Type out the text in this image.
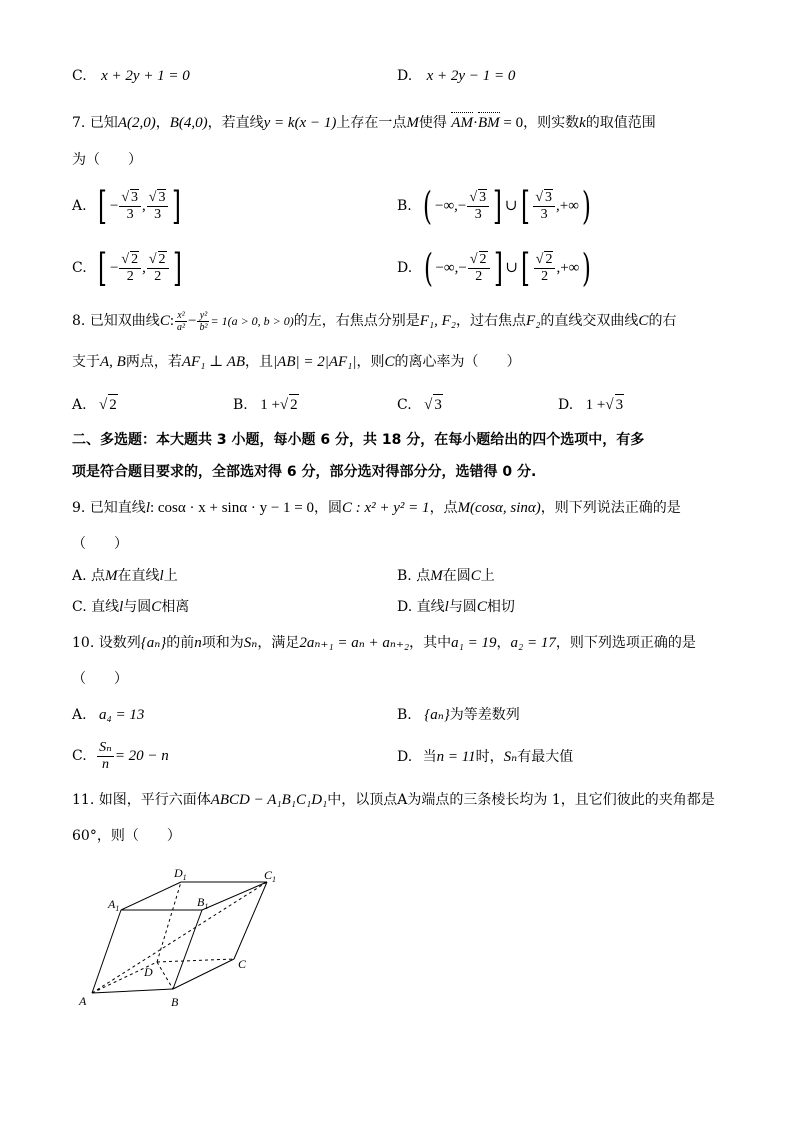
C. x + 2y + 1 = 0	D. x + 2y − 1 = 0
7. 已知A(2,0)，B(4,0)，若直线y = k(x − 1)上存在一点M使得 AM·BM = 0，则实数k的取值范围
为（　　）
A. [ − $\frac{√ 3}{3}$ , $\frac{√ 3}{3}$ ]	B. ( −∞,− $\frac{√ 3}{3}$ ] ∪[ $\frac{√ 3}{3}$ ,+∞)
C. [ − $\frac{√ 2}{2}$ , $\frac{√ 2}{2}$ ]	D. ( −∞,− $\frac{√ 2}{2}$ ] ∪[ $\frac{√ 2}{2}$ ,+∞)
8. 已知双曲线C: $\frac{\text{x²}}{\text{a²}} - \frac{\text{y²}}{\text{b²}} = 1(a > 0$, b > 0)的左，右焦点分别是F₁, F₂，过右焦点F₂的直线交双曲线C的右
支于A, B两点，若AF₁ ⊥ AB，且|AB| = 2|AF₁|，则C的离心率为（　　）
A. √ 2	B. 1 +√ 2	C. √ 3	D. 1 +√ 3
二、多选题：本大题共 3 小题，每小题 6 分，共 18 分，在每小题给出的四个选项中，有多
项是符合题目要求的，全部选对得 6 分，部分选对得部分分，选错得 0 分.
9. 已知直线l: cosα · x + sinα · y − 1 = 0，圆C : x² + y² = 1，点M(cosα, sinα)，则下列说法正确的是
（　　）
A. 点M在直线l上	B. 点M在圆C上
C. 直线l与圆C相离	D. 直线l与圆C相切
10. 设数列{aₙ}的前n项和为Sₙ，满足2aₙ₊₁ = aₙ + aₙ₊₂，其中a₁ = 19，a₂ = 17，则下列选项正确的是
（　　）
A. a₄ = 13	B. {aₙ}为等差数列
C. $\frac{\text{Sₙ}}{n} = 20 - n$	D. 当n = 11时，Sₙ有最大值
11. 如图，平行六面体ABCD − A₁B₁C₁D₁中，以顶点A为端点的三条棱长均为 1，且它们彼此的夹角都是
60°，则（　　）
A	B
C
D
$A_1$	$B_1$
$C_1$
$D_1$
